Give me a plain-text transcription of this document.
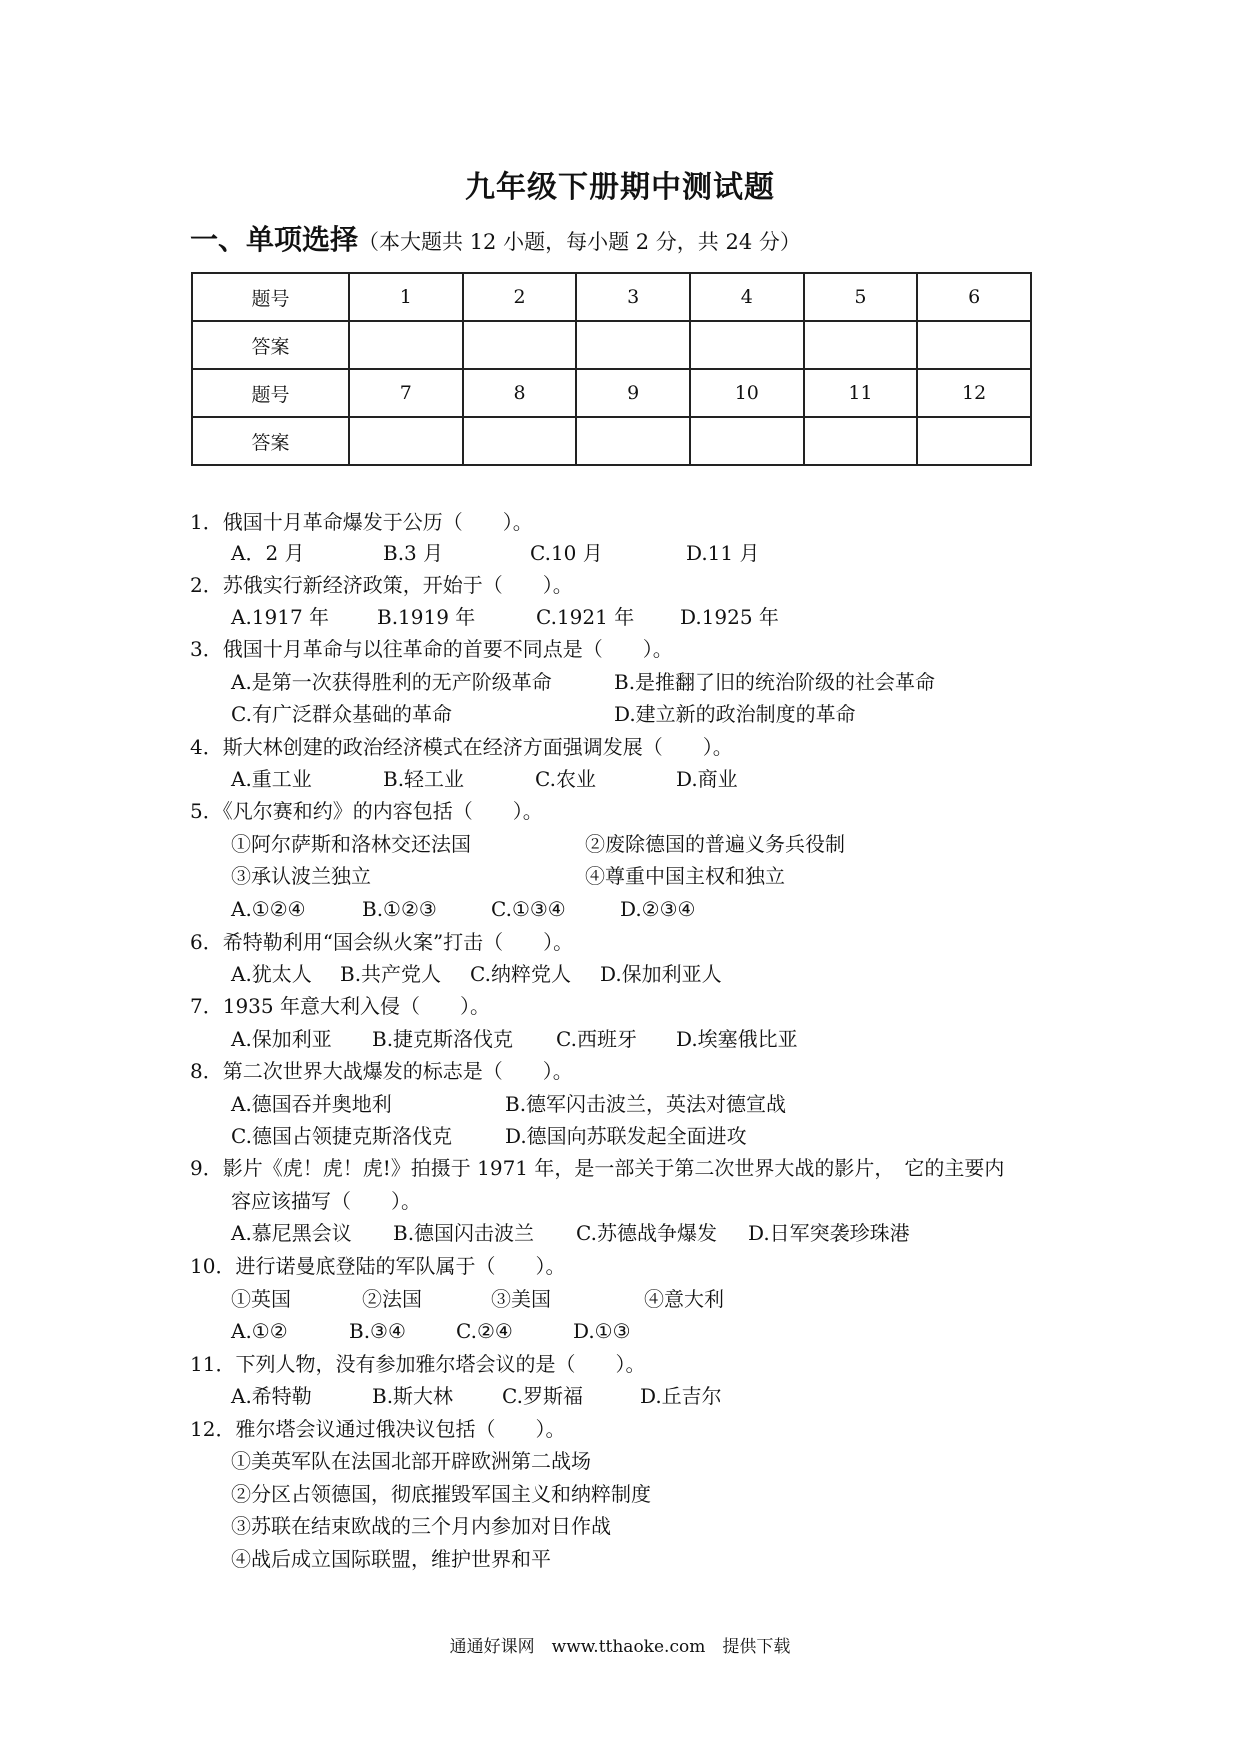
九年级下册期中测试题
一、单项选择（本大题共 12 小题，每小题 2 分，共 24 分）
题号	1	2	3	4	5	6
答案						
题号	7	8	9	10	11	12
答案						
1．俄国十月革命爆发于公历（　　）。
A．2 月	B.3 月	C.10 月	D.11 月
2．苏俄实行新经济政策，开始于（　　）。
A.1917 年 B.1919 年	C.1921 年 D.1925 年
3．俄国十月革命与以往革命的首要不同点是（　　）。
A.是第一次获得胜利的无产阶级革命	B.是推翻了旧的统治阶级的社会革命
C.有广泛群众基础的革命	D.建立新的政治制度的革命
4．斯大林创建的政治经济模式在经济方面强调发展（　　）。
A.重工业	B.轻工业	C.农业	D.商业
5．《凡尔赛和约》的内容包括（　　）。
①阿尔萨斯和洛林交还法国	②废除德国的普遍义务兵役制
③承认波兰独立	④尊重中国主权和独立
A.①②④	B.①②③	C.①③④	D.②③④
6．希特勒利用“国会纵火案”打击（　　）。
A.犹太人 B.共产党人 C.纳粹党人 D.保加利亚人
7．1935 年意大利入侵（　　）。
A.保加利亚 B.捷克斯洛伐克 C.西班牙 D.埃塞俄比亚
8．第二次世界大战爆发的标志是（　　）。
A.德国吞并奥地利	B.德军闪击波兰，英法对德宣战
C.德国占领捷克斯洛伐克	D.德国向苏联发起全面进攻
9．影片《虎！虎！虎!》拍摄于 1971 年，是一部关于第二次世界大战的影片，　它的主要内
容应该描写（　　）。
A.慕尼黑会议 B.德国闪击波兰 C.苏德战争爆发 D.日军突袭珍珠港
10．进行诺曼底登陆的军队属于（　　）。
①英国	②法国	③美国	④意大利
A.①②	B.③④	C.②④	D.①③
11．下列人物，没有参加雅尔塔会议的是（　　）。
A.希特勒	B.斯大林 C.罗斯福	D.丘吉尔
12．雅尔塔会议通过俄决议包括（　　）。
①美英军队在法国北部开辟欧洲第二战场
②分区占领德国，彻底摧毁军国主义和纳粹制度
③苏联在结束欧战的三个月内参加对日作战
④战后成立国际联盟，维护世界和平
通通好课网　www.tthaoke.com　提供下载
